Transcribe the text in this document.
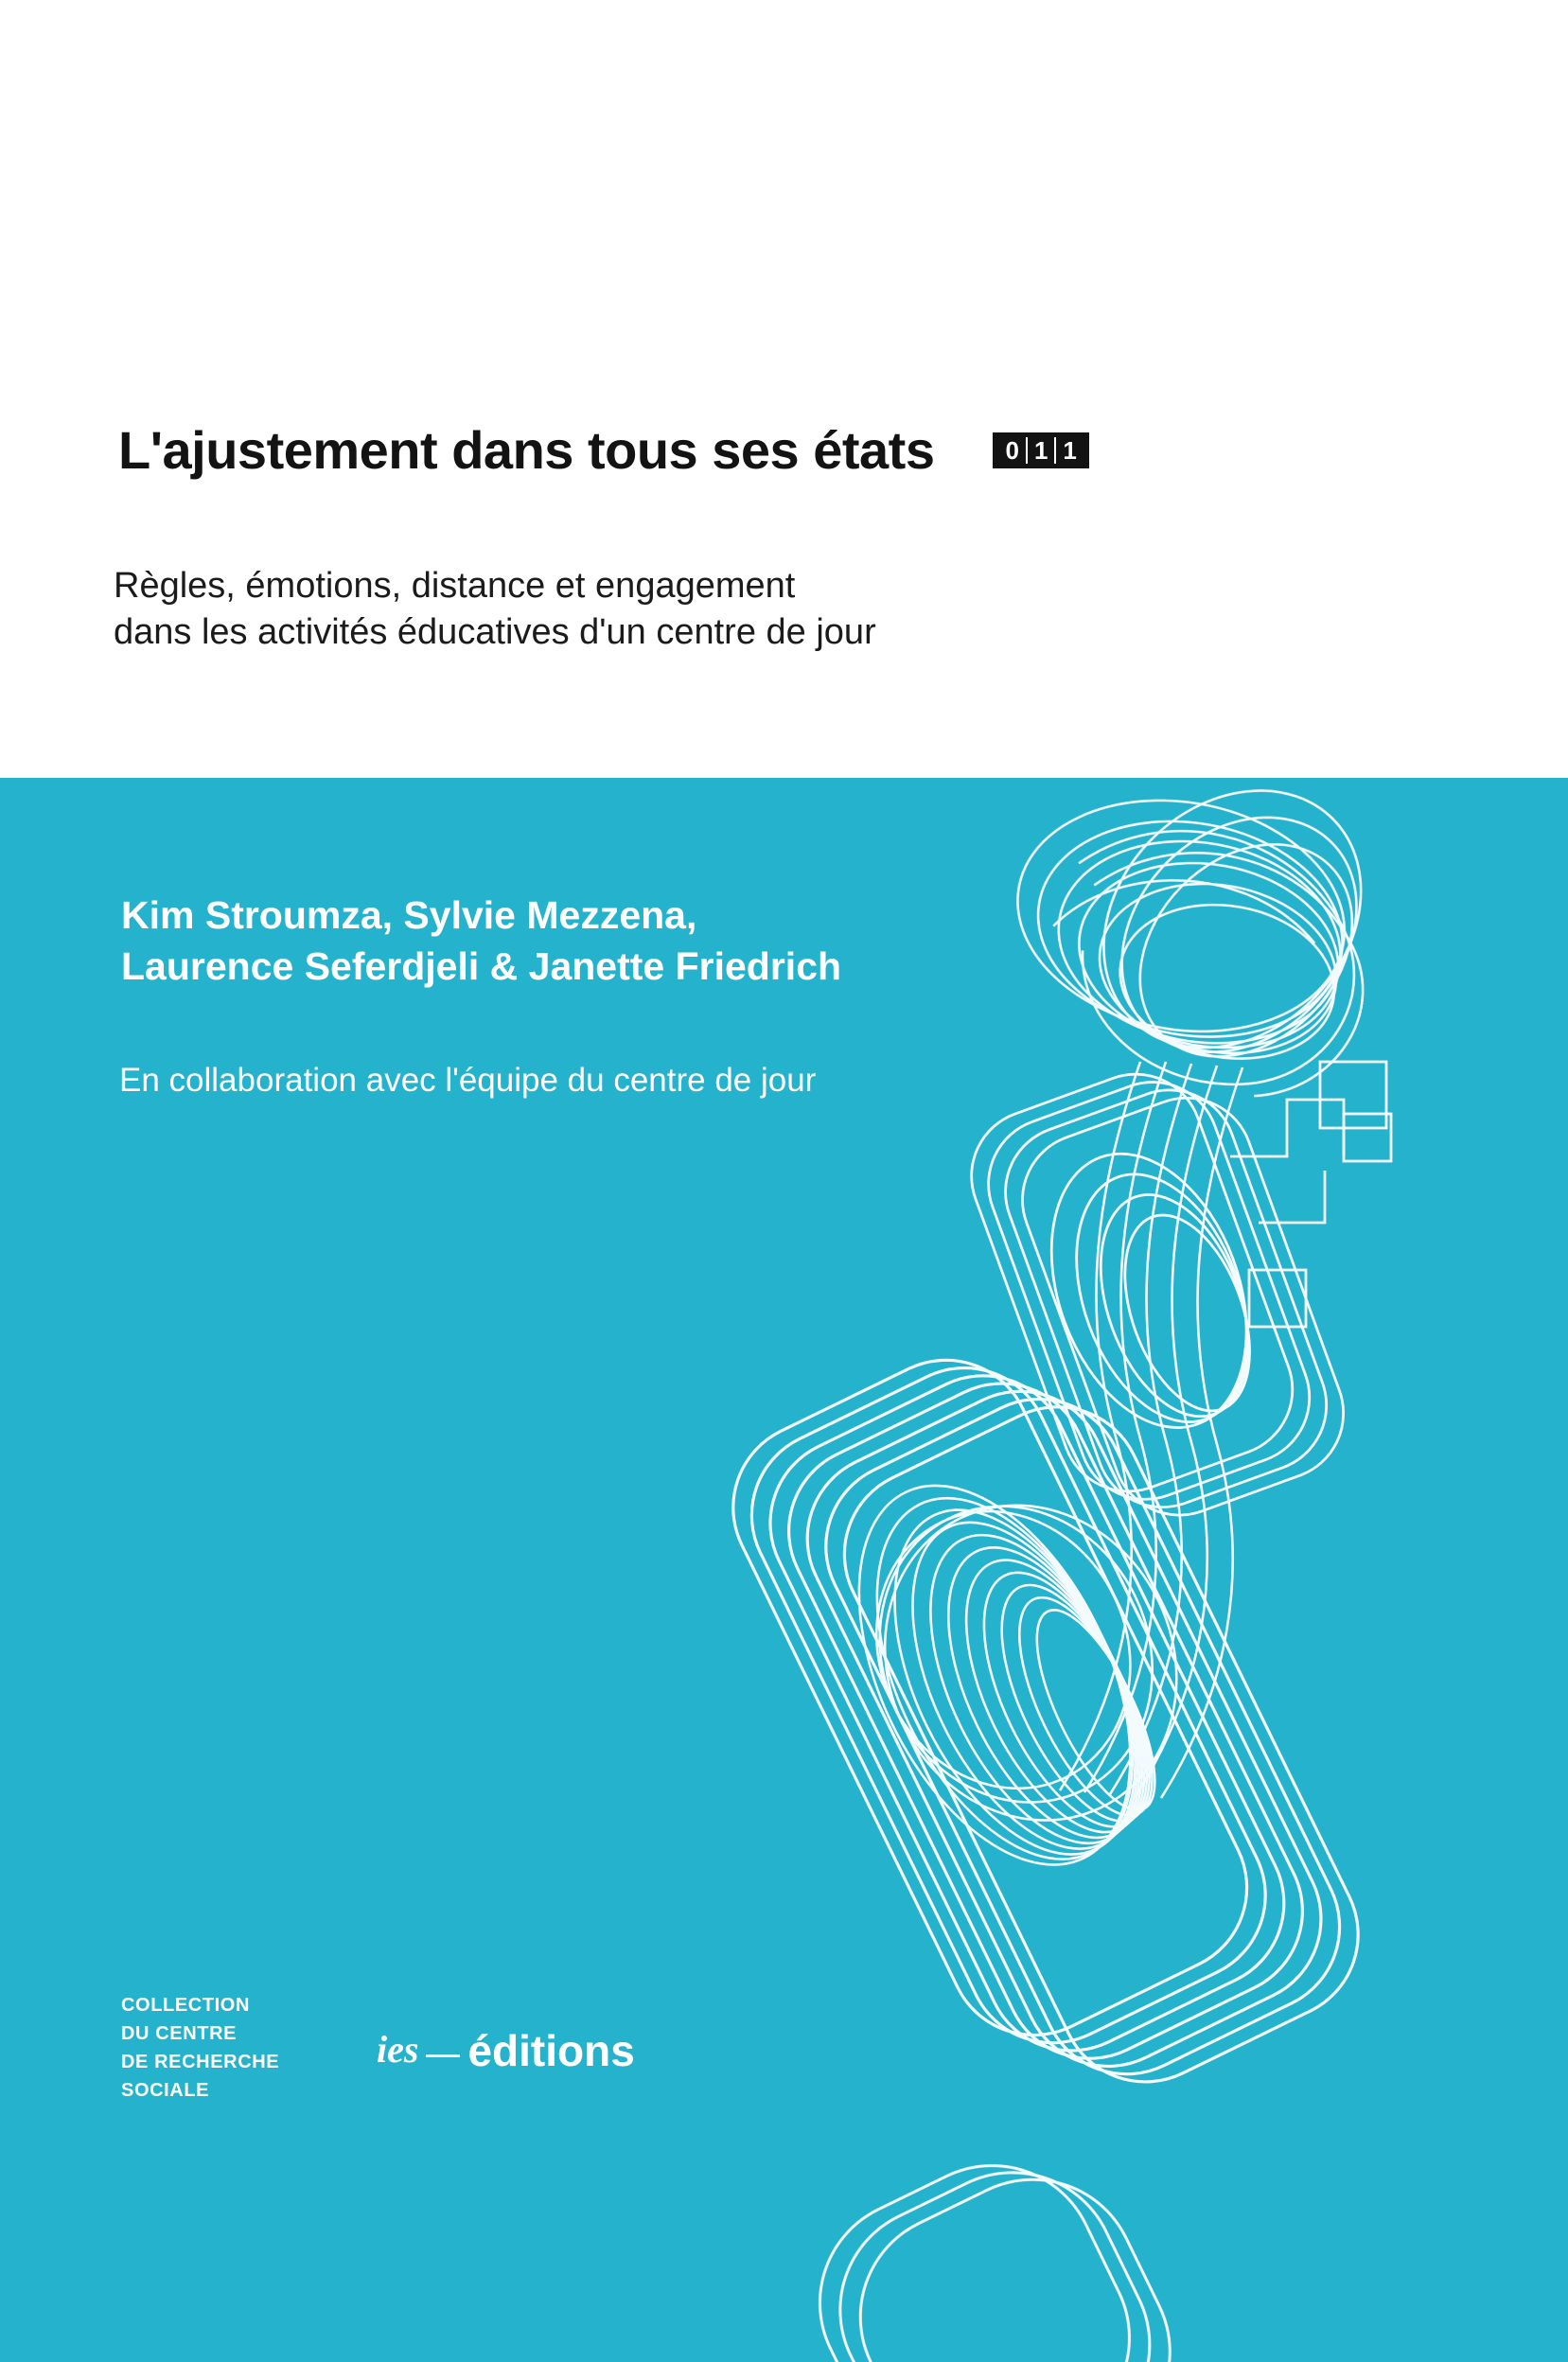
L'ajustement dans tous ses états	0 1 1
Règles, émotions, distance et engagement
dans les activités éducatives d'un centre de jour
Kim Stroumza, Sylvie Mezzena,
Laurence Seferdjeli & Janette Friedrich
En collaboration avec l'équipe du centre de jour
COLLECTION
DU CENTRE
DE RECHERCHE
SOCIALE
ies éditions
